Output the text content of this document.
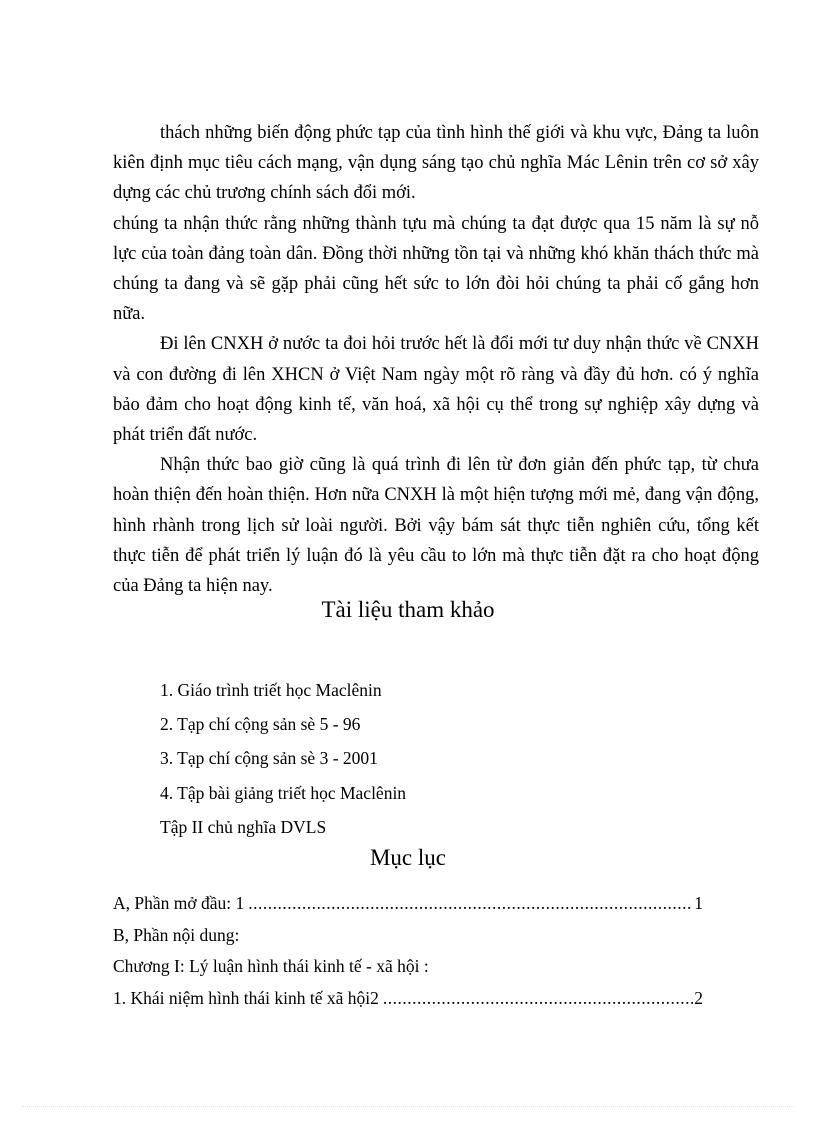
thách những biến động phức tạp của tình hình thế giới và khu vực, Đảng ta luôn kiên định mục tiêu cách mạng, vận dụng sáng tạo chủ nghĩa Mác Lênin trên cơ sở xây dựng các chủ trương chính sách đổi mới.

chúng ta nhận thức rằng những thành tựu mà chúng ta đạt được qua 15 năm là sự nỗ lực của toàn đảng toàn dân. Đồng thời những tồn tại và những khó khăn thách thức mà chúng ta đang và sẽ gặp phải cũng hết sức to lớn đòi hỏi chúng ta phải cố gắng hơn nữa.

Đi lên CNXH ở nước ta đoi hỏi trước hết là đổi mới tư duy nhận thức về CNXH và con đường đi lên XHCN ở Việt Nam ngày một rõ ràng và đầy đủ hơn. có ý nghĩa bảo đảm cho hoạt động kinh tế, văn hoá, xã hội cụ thể trong sự nghiệp xây dựng và phát triển đất nước.

Nhận thức bao giờ cũng là quá trình đi lên từ đơn giản đến phức tạp, từ chưa hoàn thiện đến hoàn thiện. Hơn nữa CNXH là một hiện tượng mới mẻ, đang vận động, hình rhành trong lịch sử loài người. Bởi vậy bám sát thực tiễn nghiên cứu, tổng kết thực tiễn để phát triển lý luận đó là yêu cầu to lớn mà thực tiễn đặt ra cho hoạt động của Đảng ta hiện nay.

Tài liệu tham khảo
1. Giáo trình triết học Maclênin
2. Tạp chí cộng sản sè 5 - 96
3. Tạp chí cộng sản sè 3 - 2001
4. Tập bài giảng triết học Maclênin
Tập II chủ nghĩa DVLS
Mục lục
A, Phần mở đầu: 1 .....	1
B, Phần nội dung:
Chương I: Lý luận hình thái kinh tế - xã hội :
1. Khái niệm hình thái kinh tế xã hội2 .....	2
